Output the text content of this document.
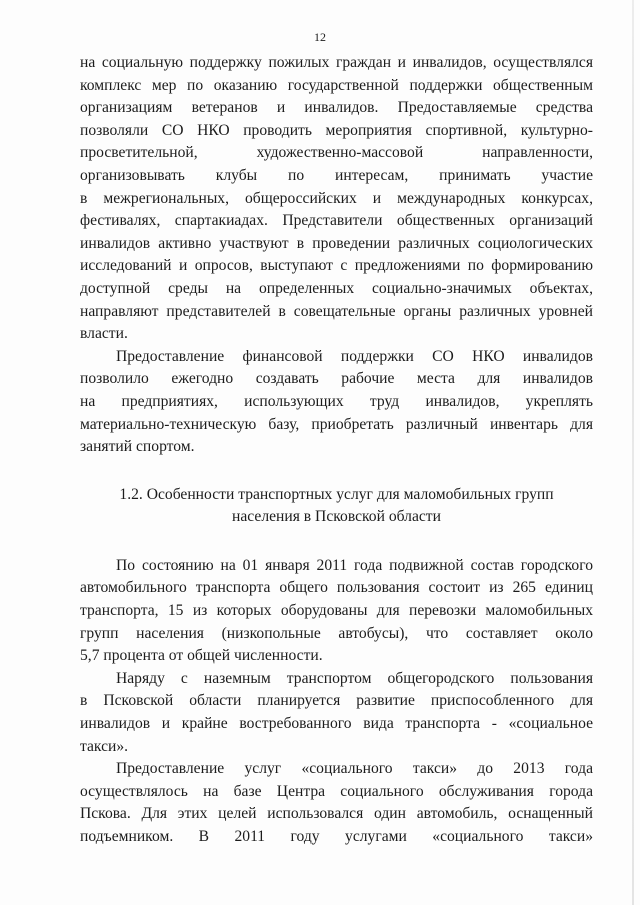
12
на социальную поддержку пожилых граждан и инвалидов, осуществлялся
комплекс мер по оказанию государственной поддержки общественным
организациям ветеранов и инвалидов. Предоставляемые средства
позволяли СО НКО проводить мероприятия спортивной, культурно-
просветительной, художественно-массовой направленности,
организовывать клубы по интересам, принимать участие
в межрегиональных, общероссийских и международных конкурсах,
фестивалях, спартакиадах. Представители общественных организаций
инвалидов активно участвуют в проведении различных социологических
исследований и опросов, выступают с предложениями по формированию
доступной среды на определенных социально-значимых объектах,
направляют представителей в совещательные органы различных уровней
власти.
Предоставление финансовой поддержки СО НКО инвалидов
позволило ежегодно создавать рабочие места для инвалидов
на предприятиях, использующих труд инвалидов, укреплять
материально-техническую базу, приобретать различный инвентарь для
занятий спортом.
1.2. Особенности транспортных услуг для маломобильных групп
населения в Псковской области
По состоянию на 01 января 2011 года подвижной состав городского
автомобильного транспорта общего пользования состоит из 265 единиц
транспорта, 15 из которых оборудованы для перевозки маломобильных
групп населения (низкопольные автобусы), что составляет около
5,7 процента от общей численности.
Наряду с наземным транспортом общегородского пользования
в Псковской области планируется развитие приспособленного для
инвалидов и крайне востребованного вида транспорта - «социальное
такси».
Предоставление услуг «социального такси» до 2013 года
осуществлялось на базе Центра социального обслуживания города
Пскова. Для этих целей использовался один автомобиль, оснащенный
подъемником. В 2011 году услугами «социального такси»
